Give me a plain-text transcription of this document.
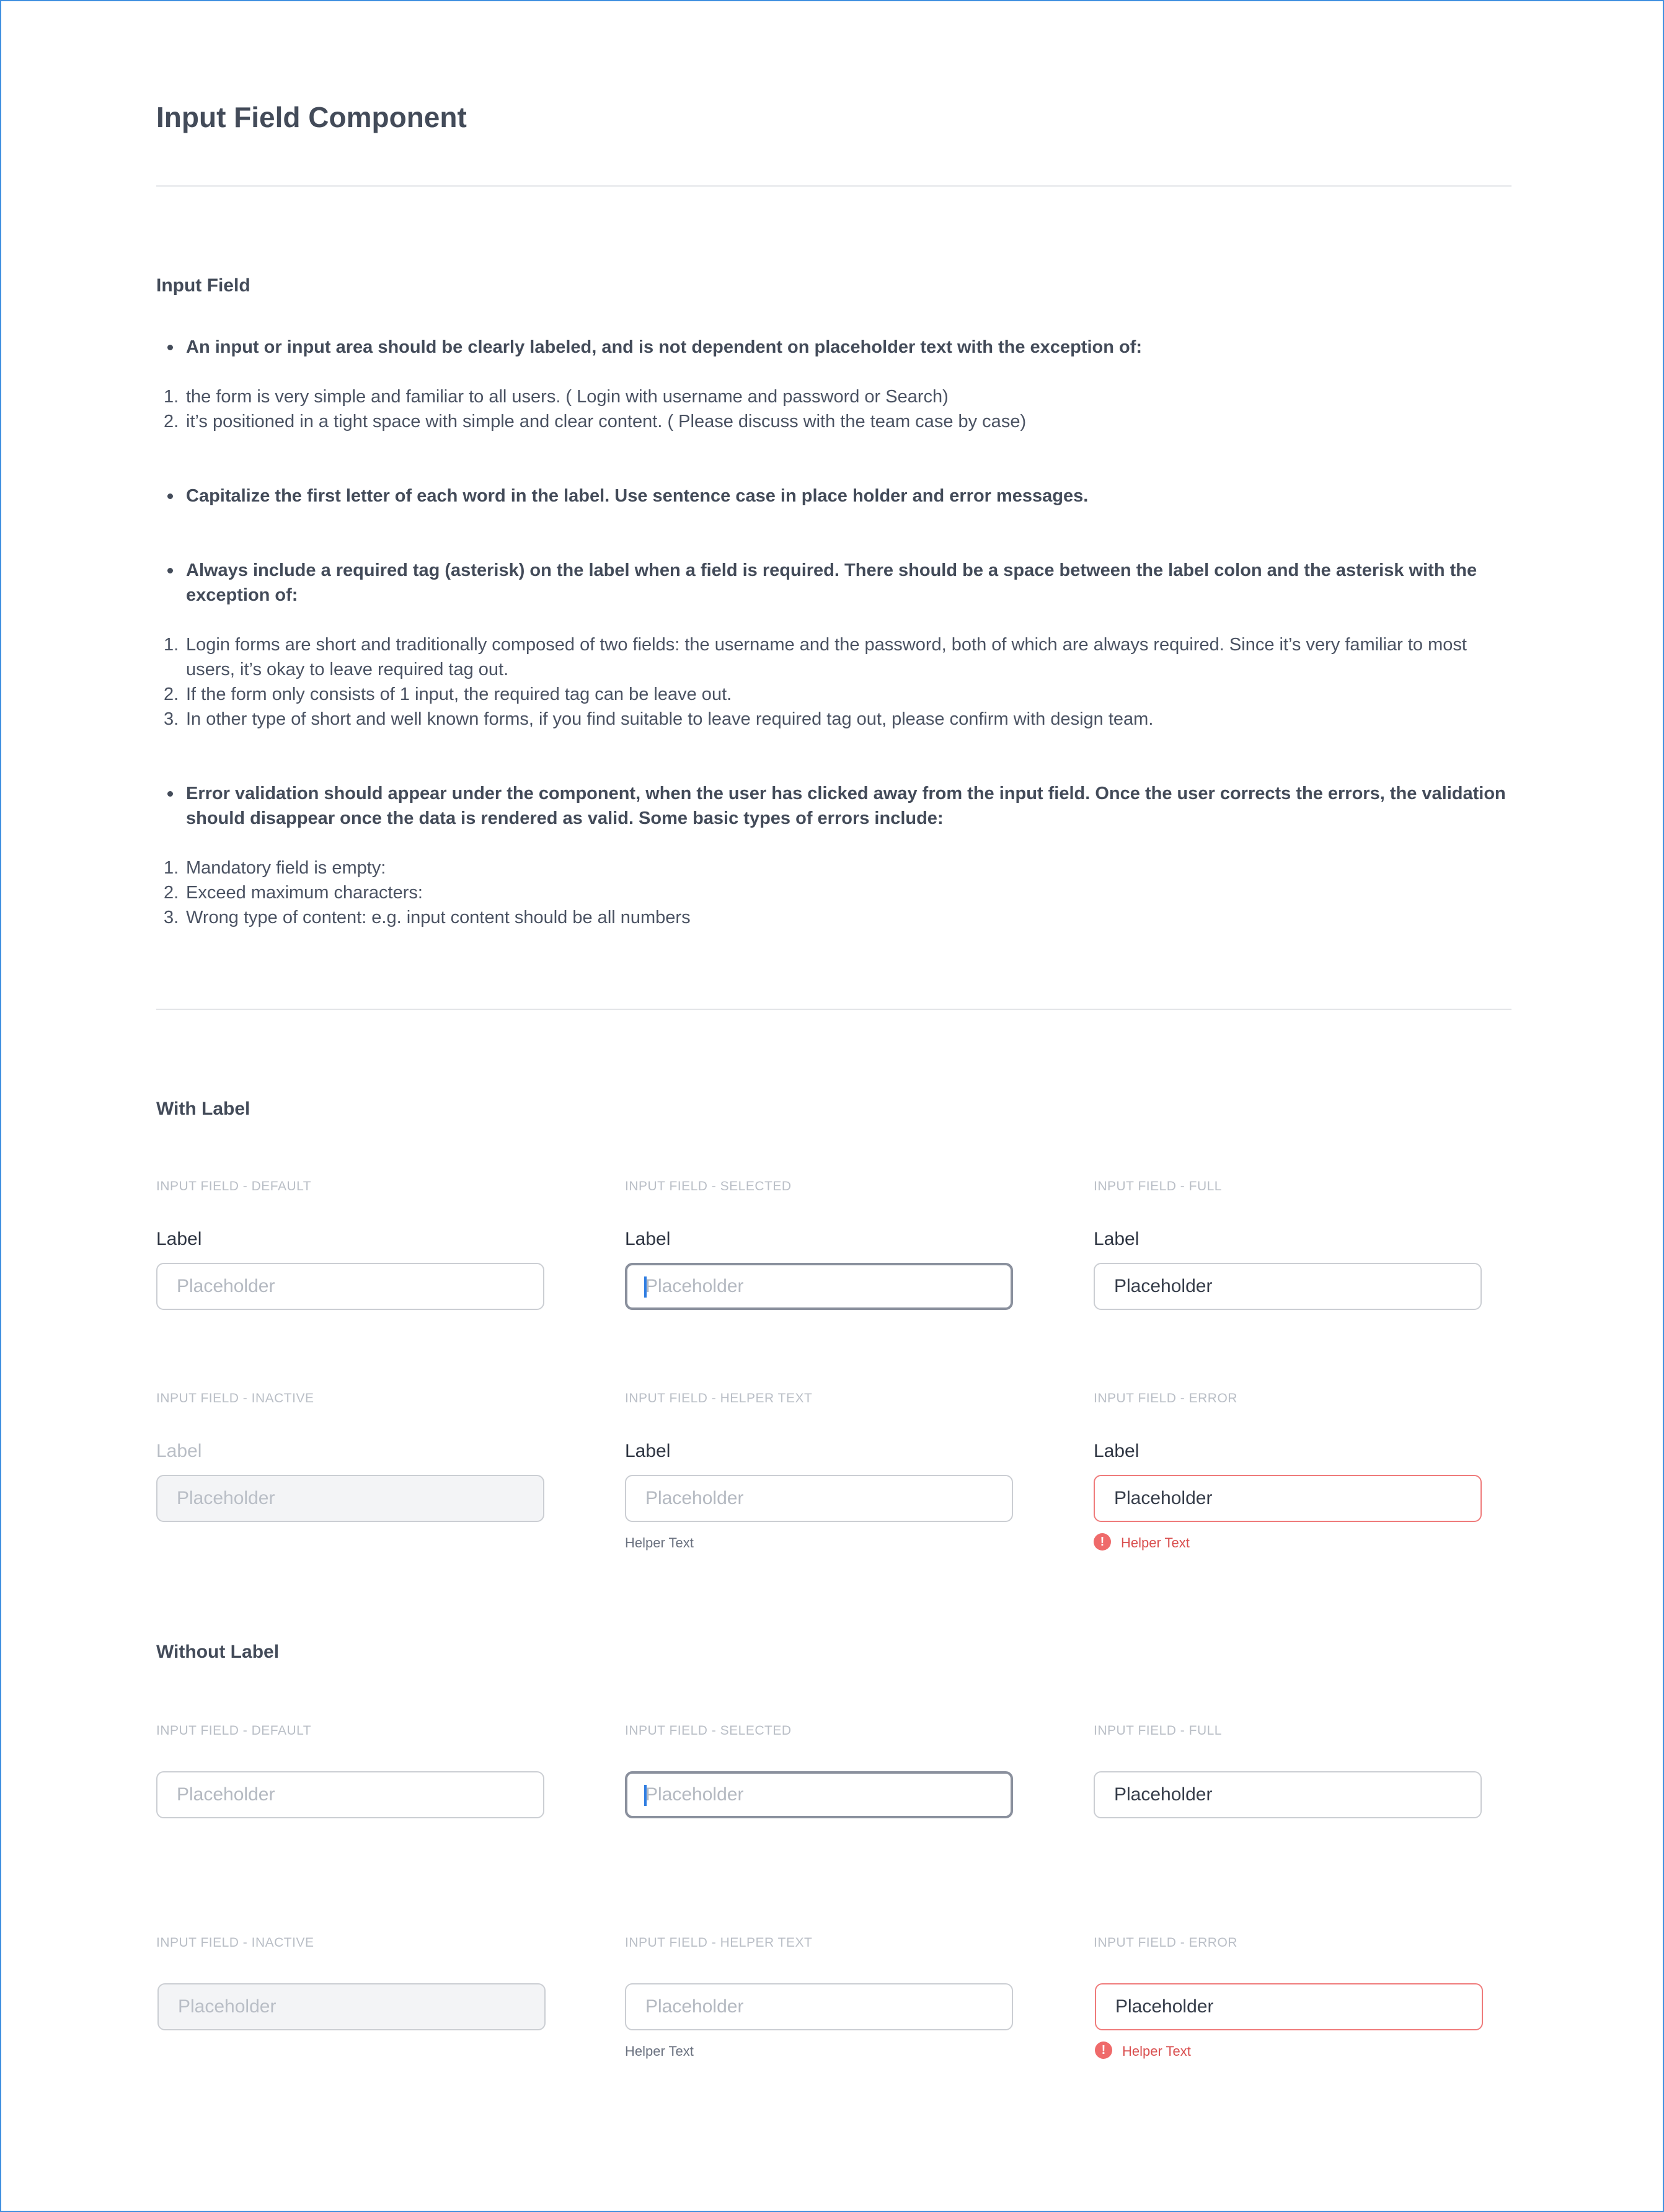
Input Field Component
Input Field
An input or input area should be clearly labeled, and is not dependent on placeholder text with the exception of:
1. the form is very simple and familiar to all users. ( Login with username and password or Search)
2. it’s positioned in a tight space with simple and clear content. ( Please discuss with the team case by case)
Capitalize the first letter of each word in the label. Use sentence case in place holder and error messages.
Always include a required tag (asterisk) on the label when a field is required. There should be a space between the label colon and the asterisk with the exception of:
1. Login forms are short and traditionally composed of two fields: the username and the password, both of which are always required. Since it’s very familiar to most users, it’s okay to leave required tag out.
2. If the form only consists of 1 input, the required tag can be leave out.
3. In other type of short and well known forms, if you find suitable to leave required tag out, please confirm with design team.
Error validation should appear under the component, when the user has clicked away from the input field. Once the user corrects the errors, the validation should disappear once the data is rendered as valid. Some basic types of errors include:
1. Mandatory field is empty:
2. Exceed maximum characters:
3. Wrong type of content: e.g. input content should be all numbers
With Label
INPUT FIELD - DEFAULT
Label
Placeholder
INPUT FIELD - SELECTED
Label
Placeholder
INPUT FIELD - FULL
Label
Placeholder
INPUT FIELD - INACTIVE
Label
Placeholder
INPUT FIELD - HELPER TEXT
Label
Placeholder
Helper Text
INPUT FIELD - ERROR
Label
Placeholder
!	Helper Text
Without Label
INPUT FIELD - DEFAULT
Placeholder
INPUT FIELD - SELECTED
Placeholder
INPUT FIELD - FULL
Placeholder
INPUT FIELD - INACTIVE
Placeholder
INPUT FIELD - HELPER TEXT
Placeholder
Helper Text
INPUT FIELD - ERROR
Placeholder
!	Helper Text
